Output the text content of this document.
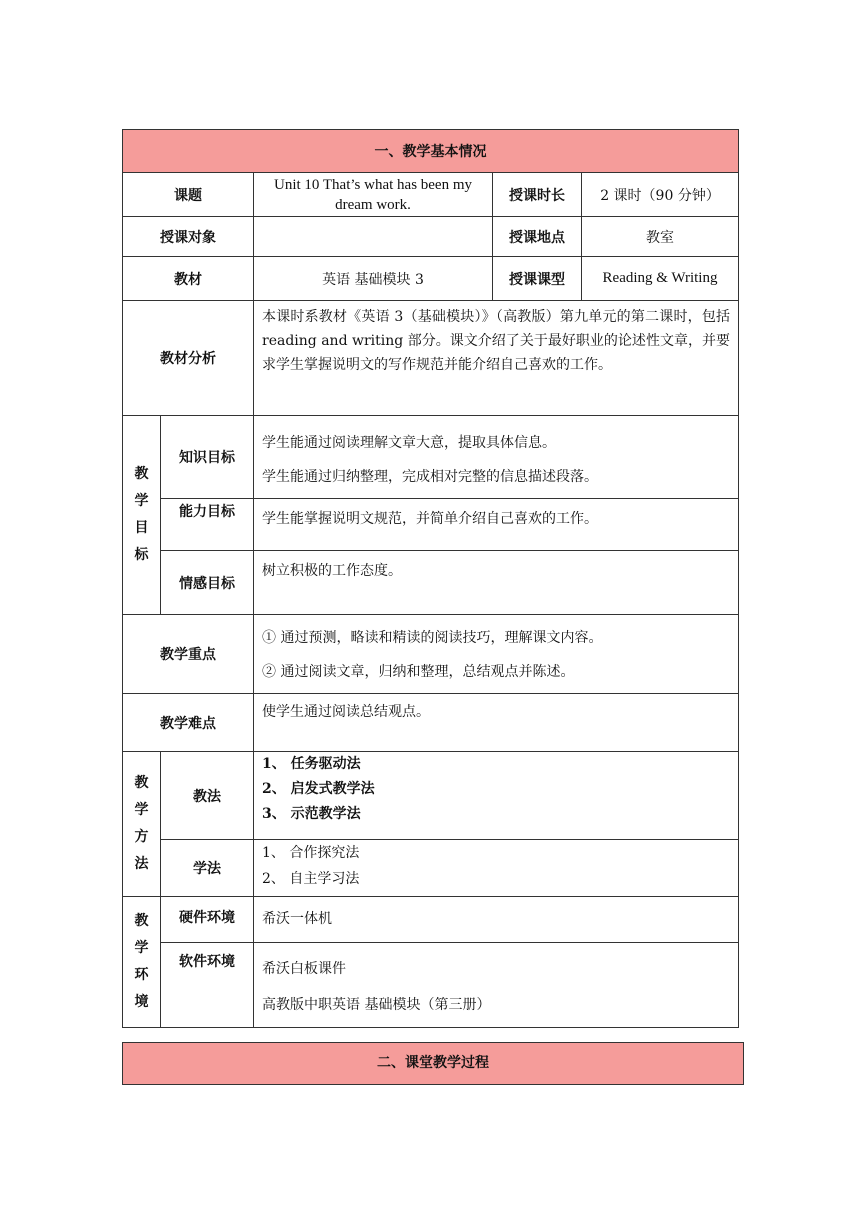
一、教学基本情况				
课题		Unit 10 That’s what has been my dream work.	授课时长	2 课时（90 分钟）
授课对象			授课地点	教室
教材		英语 基础模块 3	授课课型	Reading & Writing
教材分析		本课时系教材《英语 3（基础模块）》（高教版）第九单元的第二课时，包括 reading and writing 部分。课文介绍了关于最好职业的论述性文章，并要求学生掌握说明文的写作规范并能介绍自己喜欢的工作。		

教
学
目
标	知识目标	学生能通过阅读理解文章大意，提取具体信息。
学生能通过归纳整理，完成相对完整的信息描述段落。		

	能力目标	学生能掌握说明文规范，并简单介绍自己喜欢的工作。		
	情感目标	树立积极的工作态度。		
教学重点		① 通过预测，略读和精读的阅读技巧，理解课文内容。
② 通过阅读文章，归纳和整理，总结观点并陈述。		

教学难点		使学生通过阅读总结观点。		

教
学
方
法	教法	1、 任务驱动法
2、 启发式教学法
3、 示范教学法		

	学法	1、 合作探究法
2、 自主学习法		

教
学
环
境	硬件环境	希沃一体机		
	软件环境	希沃白板课件
高教版中职英语 基础模块（第三册）		
二、课堂教学过程
